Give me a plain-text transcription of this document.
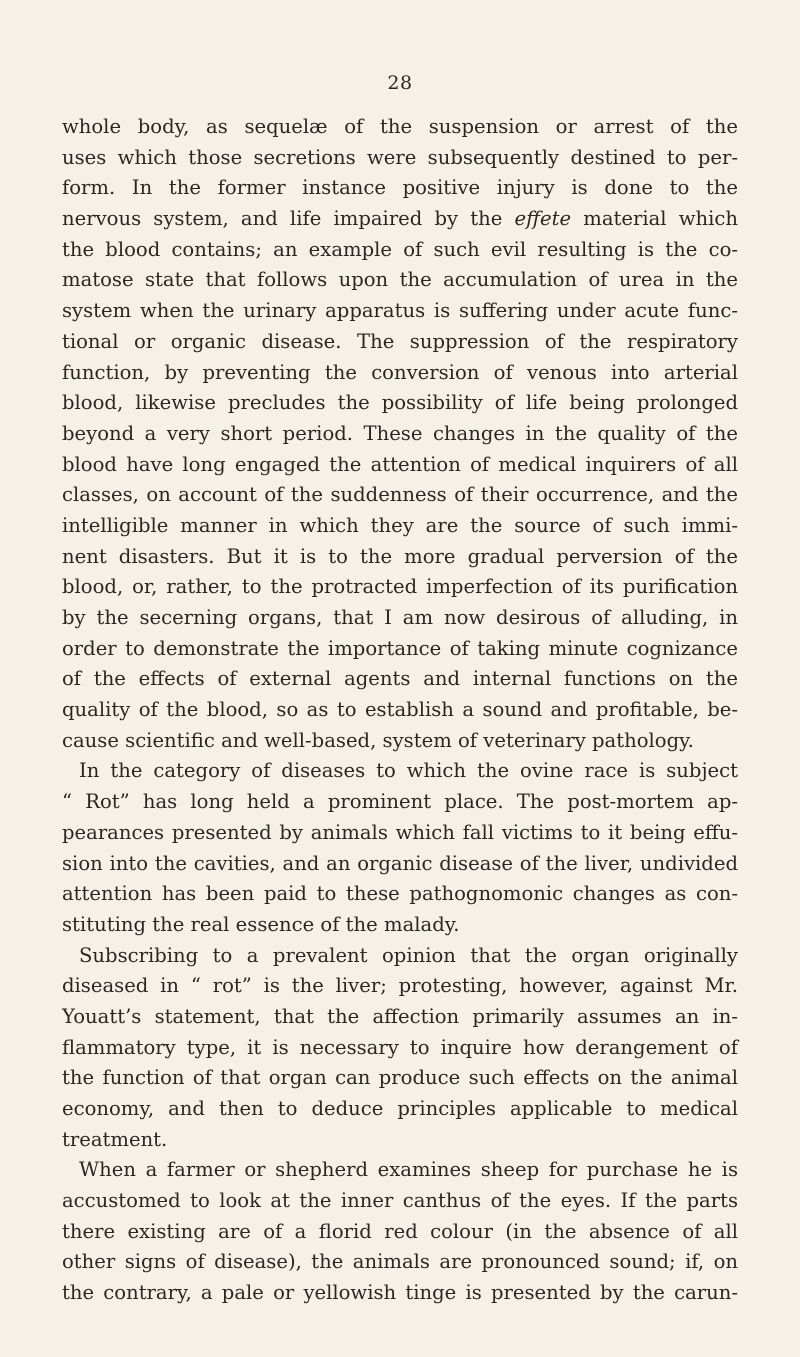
28
whole body, as sequelæ of the suspension or arrest of the
uses which those secretions were subsequently destined to per-
form. In the former instance positive injury is done to the
nervous system, and life impaired by the effete material which
the blood contains; an example of such evil resulting is the co-
matose state that follows upon the accumulation of urea in the
system when the urinary apparatus is suffering under acute func-
tional or organic disease. The suppression of the respiratory
function, by preventing the conversion of venous into arterial
blood, likewise precludes the possibility of life being prolonged
beyond a very short period. These changes in the quality of the
blood have long engaged the attention of medical inquirers of all
classes, on account of the suddenness of their occurrence, and the
intelligible manner in which they are the source of such immi-
nent disasters. But it is to the more gradual perversion of the
blood, or, rather, to the protracted imperfection of its purification
by the secerning organs, that I am now desirous of alluding, in
order to demonstrate the importance of taking minute cognizance
of the effects of external agents and internal functions on the
quality of the blood, so as to establish a sound and profitable, be-
cause scientific and well-based, system of veterinary pathology.
In the category of diseases to which the ovine race is subject
“ Rot” has long held a prominent place. The post-mortem ap-
pearances presented by animals which fall victims to it being effu-
sion into the cavities, and an organic disease of the liver, undivided
attention has been paid to these pathognomonic changes as con-
stituting the real essence of the malady.
Subscribing to a prevalent opinion that the organ originally
diseased in “ rot” is the liver; protesting, however, against Mr.
Youatt’s statement, that the affection primarily assumes an in-
flammatory type, it is necessary to inquire how derangement of
the function of that organ can produce such effects on the animal
economy, and then to deduce principles applicable to medical
treatment.
When a farmer or shepherd examines sheep for purchase he is
accustomed to look at the inner canthus of the eyes. If the parts
there existing are of a florid red colour (in the absence of all
other signs of disease), the animals are pronounced sound; if, on
the contrary, a pale or yellowish tinge is presented by the carun-
